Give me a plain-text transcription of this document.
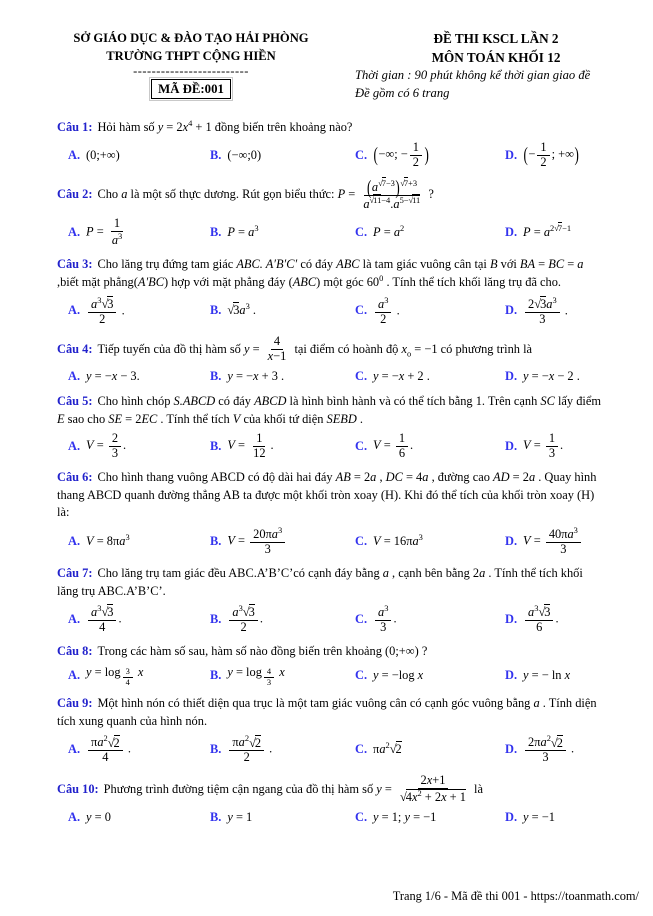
SỞ GIÁO DỤC & ĐÀO TẠO HẢI PHÒNG
TRƯỜNG THPT CỘNG HIỀN
-------------------------
MÃ ĐỀ:001
ĐỀ THI KSCL LẦN 2
MÔN TOÁN KHỐI 12
Thời gian : 90 phút không kể thời gian giao đề
Đề gồm có 6 trang

Câu 1: Hỏi hàm số $y = 2x^4 + 1$ đồng biến trên khoảng nào?

A. (0;+∞)	B. (−∞;0)	C. (−∞; − $\frac{1}{2}$ )	D. (− $\frac{1}{2}$ ; +∞)

Câu 2: Cho a là một số thực dương. Rút gọn biểu thức: $P = \frac{(a^{√7-3})^{√7+3}}{a^{√11-4}.a^{5-√11}}$ ?

A. $P = \frac{1}{a^3}$	B. $P = a^3$	C. $P = a^2$	D. $P = a^{2√7-1}$

Câu 3: Cho lăng trụ đứng tam giác ABC. A′B′C′ có đáy ABC là tam giác vuông cân tại B với BA = BC = a ,biết mặt phẳng(A′BC) hợp với mặt phẳng đáy (ABC) một góc $60^0$ . Tính thể tích khối lăng trụ đã cho.

A. $\frac{a^3√3}{2}$ .	B. $√3a^3$ .	C. $\frac{a^3}{2}$ .	D. $\frac{2√3a^3}{3}$ .

Câu 4: Tiếp tuyến của đồ thị hàm số $y = \frac{4}{x-1}$ tại điểm có hoành độ $x_o = -1$ có phương trình là

A. y = −x − 3.	B. y = −x + 3 .	C. y = −x + 2 .	D. y = −x − 2 .

Câu 5: Cho hình chóp S.ABCD có đáy ABCD là hình bình hành và có thể tích bằng 1. Trên cạnh SC lấy điểm E sao cho SE = 2EC . Tính thể tích V của khối tứ diện SEBD .

A. $V = \frac{2}{3}$ .	B. $V = \frac{1}{12}$ .	C. $V = \frac{1}{6}$ .	D. $V = \frac{1}{3}$ .

Câu 6: Cho hình thang vuông ABCD có độ dài hai đáy AB = 2a , DC = 4a , đường cao AD = 2a . Quay hình thang ABCD quanh đường thẳng AB ta được một khối tròn xoay (H). Khi đó thể tích của khối tròn xoay (H) là:

A. $V = 8\pi a^3$	B. $V = \frac{20\pi a^3}{3}$	C. $V = 16\pi a^3$	D. $V = \frac{40\pi a^3}{3}$

Câu 7: Cho lăng trụ tam giác đều ABC.A’B’C’có cạnh đáy bằng a , cạnh bên bằng 2a . Tính thể tích khối lăng trụ ABC.A’B’C’.

A. $\frac{a^3√3}{4}$ .	B. $\frac{a^3√3}{2}$ .	C. $\frac{a^3}{3}$ .	D. $\frac{a^3√3}{6}$ .

Câu 8: Trong các hàm số sau, hàm số nào đồng biến trên khoảng (0;+∞) ?

A. y = log $_{\frac{3}{4}}$ x	B. y = log $_{\frac{4}{3}}$ x	C. y = −log x	D. y = − ln x

Câu 9: Một hình nón có thiết diện qua trục là một tam giác vuông cân có cạnh góc vuông bằng a . Tính diện tích xung quanh của hình nón.

A. $\frac{\pi a^2√2}{4}$ .	B. $\frac{\pi a^2√2}{2}$ .	C. $\pi a^2√2$	D. $\frac{2\pi a^2√2}{3}$ .

Câu 10: Phương trình đường tiệm cận ngang của đồ thị hàm số $y = \frac{2x+1}{√4x^2 + 2x + 1}$ là

A. y = 0	B. y = 1	C. y = 1; y = −1	D. y = −1
Trang 1/6 - Mã đề thi 001 - https://toanmath.com/
